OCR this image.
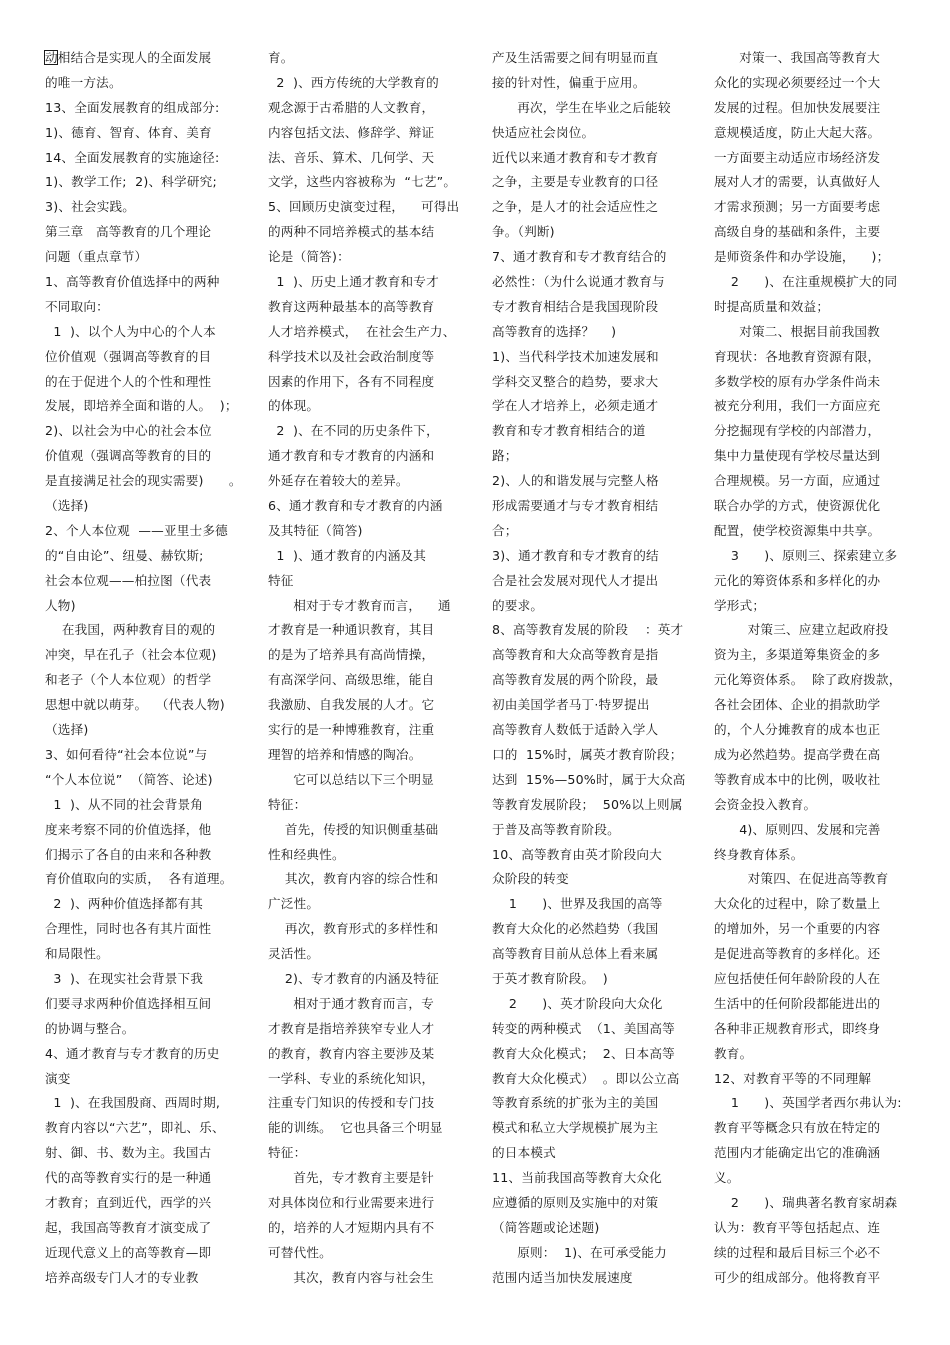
动相结合是实现人的全面发展
的唯一方法。
13、全面发展教育的组成部分:
1)、德育、智育、体育、美育
14、全面发展教育的实施途径:
1)、教学工作;  2)、科学研究;
3)、社会实践。
第三章   高等教育的几个理论
问题（重点章节）
1、高等教育价值选择中的两种
不同取向：
1  )、以个人为中心的个人本
位价值观（强调高等教育的目
的在于促进个人的个性和理性
发展，即培养全面和谐的人。  )；
2)、以社会为中心的社会本位
价值观（强调高等教育的目的
是直接满足社会的现实需要)      。
（选择)
2、个人本位观  ——亚里士多德
的“自由论”、纽曼、赫钦斯;
社会本位观——柏拉图（代表
人物)
在我国，两种教育目的观的
冲突，早在孔子（社会本位观)
和老子（个人本位观）的哲学
思想中就以萌芽。  （代表人物)
（选择)
3、如何看待“社会本位说”与
“个人本位说”  （简答、论述)
1  )、从不同的社会背景角
度来考察不同的价值选择，他
们揭示了各自的由来和各种教
育价值取向的实质，  各有道理。
2  )、两种价值选择都有其
合理性，同时也各有其片面性
和局限性。
3  )、在现实社会背景下我
们要寻求两种价值选择相互间
的协调与整合。
4、通才教育与专才教育的历史
演变
1  )、在我国殷商、西周时期,
教育内容以“六艺”，即礼、乐、
射、御、书、数为主。我国古
代的高等教育实行的是一种通
才教育；直到近代，西学的兴
起，我国高等教育才演变成了
近现代意义上的高等教育—即
培养高级专门人才的专业教
育。
2  )、西方传统的大学教育的
观念源于古希腊的人文教育，
内容包括文法、修辞学、辩证
法、音乐、算术、几何学、天
文学，这些内容被称为  “七艺”。
5、回顾历史演变过程，    可得出
的两种不同培养模式的基本结
论是（简答)：
1  )、历史上通才教育和专才
教育这两种最基本的高等教育
人才培养模式，  在社会生产力、
科学技术以及社会政治制度等
因素的作用下，各有不同程度
的体现。
2  )、在不同的历史条件下，
通才教育和专才教育的内涵和
外延存在着较大的差异。
6、通才教育和专才教育的内涵
及其特征（简答)
1  )、通才教育的内涵及其
特征
相对于专才教育而言，    通
才教育是一种通识教育，其目
的是为了培养具有高尚情操，
有高深学问、高级思维，能自
我激励、自我发展的人才。它
实行的是一种博雅教育，注重
理智的培养和情感的陶冶。
它可以总结以下三个明显
特征：
首先，传授的知识侧重基础
性和经典性。
其次，教育内容的综合性和
广泛性。
再次，教育形式的多样性和
灵活性。
2)、专才教育的内涵及特征
相对于通才教育而言，专
才教育是指培养狭窄专业人才
的教育，教育内容主要涉及某
一学科、专业的系统化知识，
注重专门知识的传授和专门技
能的训练。  它也具备三个明显
特征：
首先，专才教育主要是针
对具体岗位和行业需要来进行
的，培养的人才短期内具有不
可替代性。
其次，教育内容与社会生
产及生活需要之间有明显而直
接的针对性，偏重于应用。
再次，学生在毕业之后能较
快适应社会岗位。
近代以来通才教育和专才教育
之争，主要是专业教育的口径
之争，是人才的社会适应性之
争。（判断)
7、通才教育和专才教育结合的
必然性：（为什么说通才教育与
专才教育相结合是我国现阶段
高等教育的选择？    )
1)、当代科学技术加速发展和
学科交叉整合的趋势，要求大
学在人才培养上，必须走通才
教育和专才教育相结合的道
路；
2)、人的和谐发展与完整人格
形成需要通才与专才教育相结
合；
3)、通才教育和专才教育的结
合是社会发展对现代人才提出
的要求。
8、高等教育发展的阶段    ：英才
高等教育和大众高等教育是指
高等教育发展的两个阶段，最
初由美国学者马丁·特罗提出
高等教育人数低于适龄入学人
口的  15%时，属英才教育阶段；
达到  15%—50%时，属于大众高
等教育发展阶段；  50%以上则属
于普及高等教育阶段。
10、高等教育由英才阶段向大
众阶段的转变
1      )、世界及我国的高等
教育大众化的必然趋势（我国
高等教育目前从总体上看来属
于英才教育阶段。  )
2      )、英才阶段向大众化
转变的两种模式  （1、美国高等
教育大众化模式；  2、日本高等
教育大众化模式）  。即以公立高
等教育系统的扩张为主的美国
模式和私立大学规模扩展为主
的日本模式
11、当前我国高等教育大众化
应遵循的原则及实施中的对策
（简答题或论述题)
原则：  1)、在可承受能力
范围内适当加快发展速度
对策一、我国高等教育大
众化的实现必须要经过一个大
发展的过程。但加快发展要注
意规模适度，防止大起大落。
一方面要主动适应市场经济发
展对人才的需要，认真做好人
才需求预测；另一方面要考虑
高级自身的基础和条件，主要
是师资条件和办学设施，    )；
2      )、在注重规模扩大的同
时提高质量和效益；
对策二、根据目前我国教
育现状：各地教育资源有限，
多数学校的原有办学条件尚未
被充分利用，我们一方面应充
分挖掘现有学校的内部潜力，
集中力量使现有学校尽量达到
合理规模。另一方面，应通过
联合办学的方式，使资源优化
配置，使学校资源集中共享。
3      )、原则三、探索建立多
元化的筹资体系和多样化的办
学形式；
对策三、应建立起政府投
资为主，多渠道筹集资金的多
元化筹资体系。  除了政府拨款，
各社会团体、企业的捐款助学
的，个人分摊教育的成本也正
成为必然趋势。提高学费在高
等教育成本中的比例，吸收社
会资金投入教育。
4)、原则四、发展和完善
终身教育体系。
对策四、在促进高等教育
大众化的过程中，除了数量上
的增加外，另一个重要的内容
是促进高等教育的多样化。还
应包括使任何年龄阶段的人在
生活中的任何阶段都能进出的
各种非正规教育形式，即终身
教育。
12、对教育平等的不同理解
1      )、英国学者西尔弗认为:
教育平等概念只有放在特定的
范围内才能确定出它的准确涵
义。
2      )、瑞典著名教育家胡森
认为：教育平等包括起点、连
续的过程和最后目标三个必不
可少的组成部分。他将教育平
